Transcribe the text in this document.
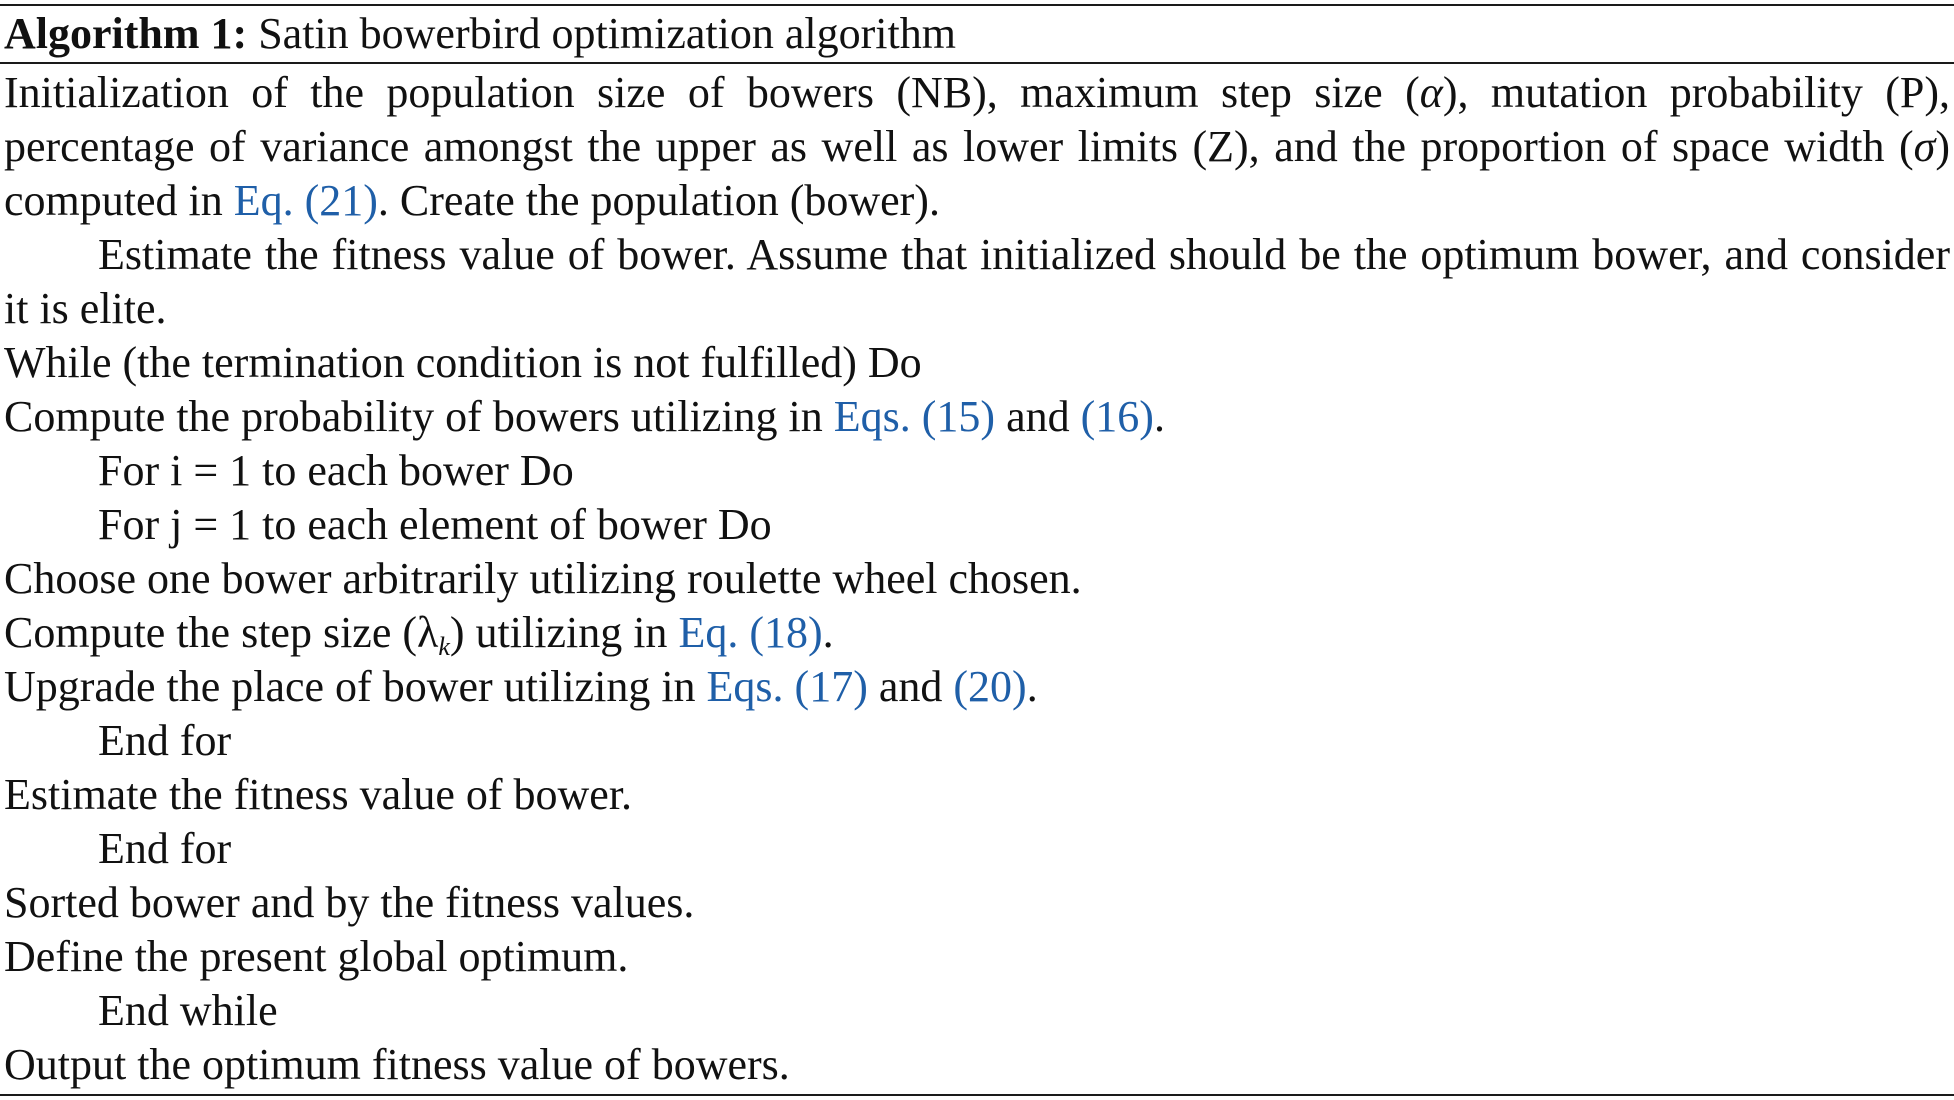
Algorithm 1: Satin bowerbird optimization algorithm
Initialization of the population size of bowers (NB), maximum step size (α), mutation probability (P), percentage of variance amongst the upper as well as lower limits (Z), and the proportion of space width (σ) computed in Eq. (21). Create the population (bower).
Estimate the fitness value of bower. Assume that initialized should be the optimum bower, and consider it is elite.
While (the termination condition is not fulfilled) Do
Compute the probability of bowers utilizing in Eqs. (15) and (16).
For i = 1 to each bower Do
For j = 1 to each element of bower Do
Choose one bower arbitrarily utilizing roulette wheel chosen.
Compute the step size $(\lambda_k)$ utilizing in Eq. (18).
Upgrade the place of bower utilizing in Eqs. (17) and (20).
End for
Estimate the fitness value of bower.
End for
Sorted bower and by the fitness values.
Define the present global optimum.
End while
Output the optimum fitness value of bowers.
